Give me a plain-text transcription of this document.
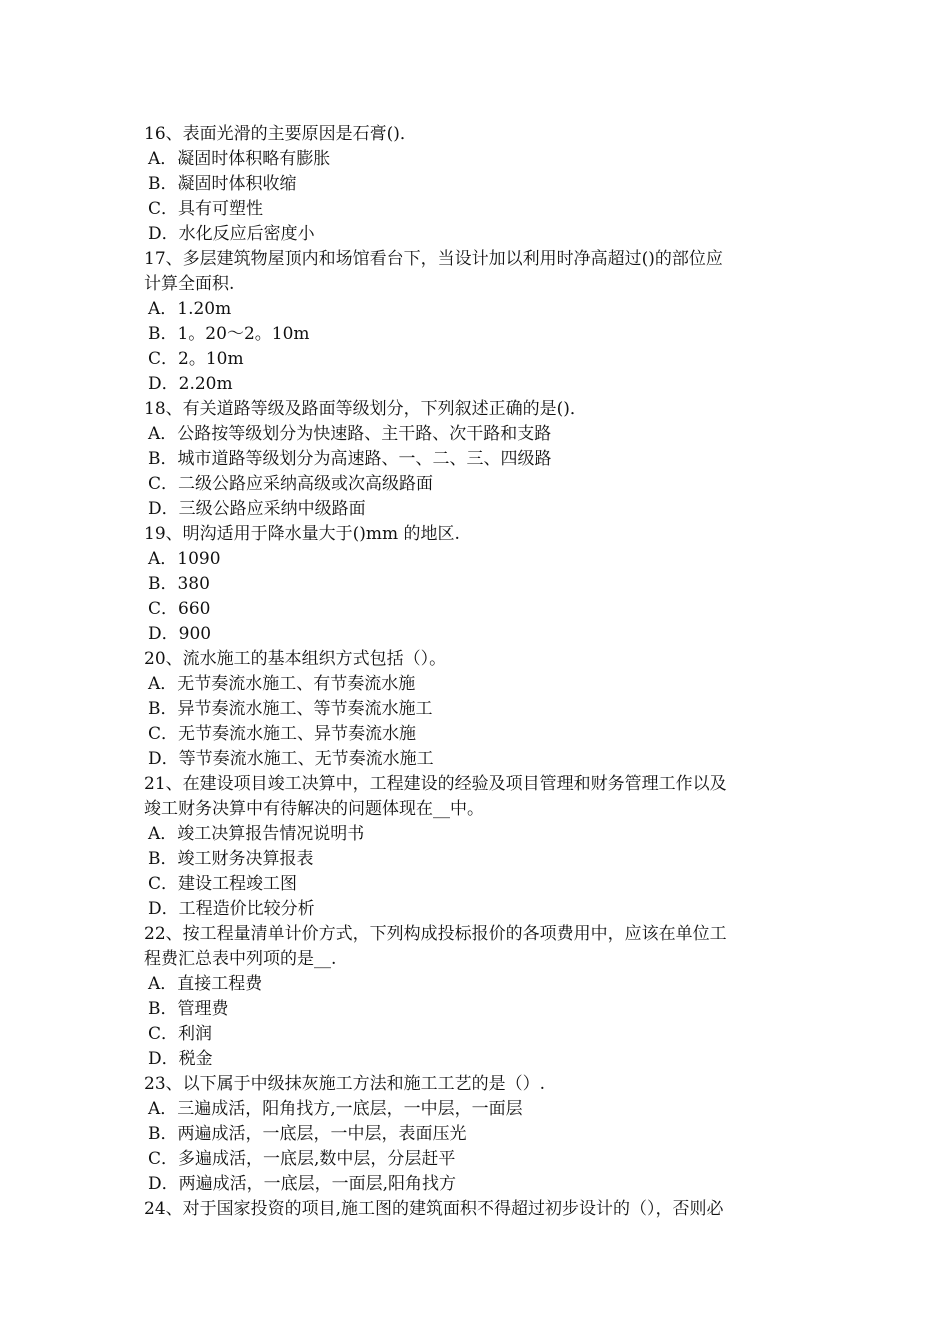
16、表面光滑的主要原因是石膏()．
A．凝固时体积略有膨胀
B．凝固时体积收缩
C．具有可塑性
D．水化反应后密度小
17、多层建筑物屋顶内和场馆看台下，当设计加以利用时净高超过()的部位应
计算全面积.
A．1.20m
B．1。20～2。10m
C．2。10m
D．2.20m
18、有关道路等级及路面等级划分，下列叙述正确的是()．
A．公路按等级划分为快速路、主干路、次干路和支路
B．城市道路等级划分为高速路、一、二、三、四级路
C．二级公路应采纳高级或次高级路面
D．三级公路应采纳中级路面
19、明沟适用于降水量大于()mm 的地区.
A．1090
B．380
C．660
D．900
20、流水施工的基本组织方式包括（）。
A．无节奏流水施工、有节奏流水施
B．异节奏流水施工、等节奏流水施工
C．无节奏流水施工、异节奏流水施
D．等节奏流水施工、无节奏流水施工
21、在建设项目竣工决算中，工程建设的经验及项目管理和财务管理工作以及
竣工财务决算中有待解决的问题体现在__中。
A．竣工决算报告情况说明书
B．竣工财务决算报表
C．建设工程竣工图
D．工程造价比较分析
22、按工程量清单计价方式，下列构成投标报价的各项费用中，应该在单位工
程费汇总表中列项的是__.
A．直接工程费
B．管理费
C．利润
D．税金
23、以下属于中级抹灰施工方法和施工工艺的是（）.
A．三遍成活，阳角找方,一底层，一中层，一面层
B．两遍成活，一底层，一中层，表面压光
C．多遍成活，一底层,数中层，分层赶平
D．两遍成活，一底层，一面层,阳角找方
24、对于国家投资的项目,施工图的建筑面积不得超过初步设计的（），否则必
